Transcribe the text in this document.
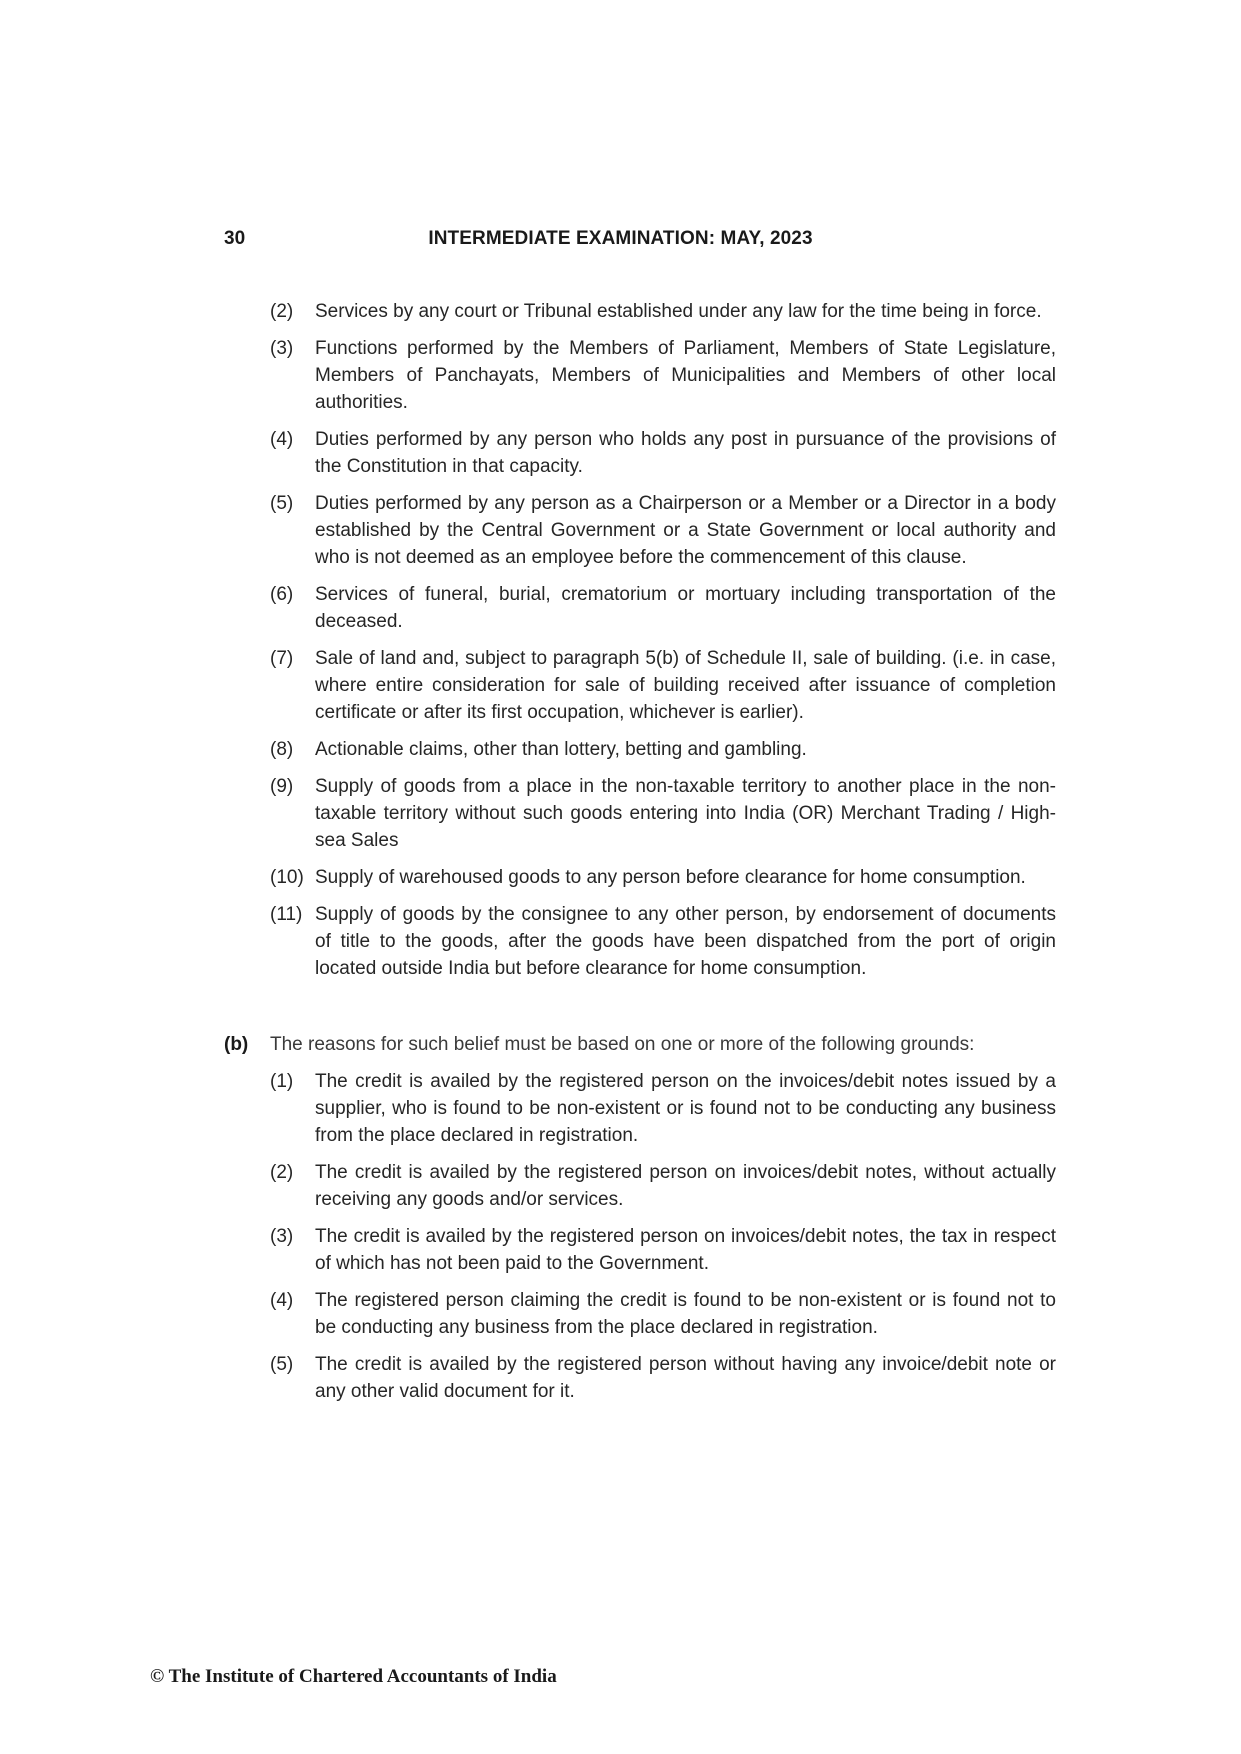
30	INTERMEDIATE EXAMINATION: MAY, 2023
(2)	Services by any court or Tribunal established under any law for the time being in force.
(3)	Functions performed by the Members of Parliament, Members of State Legislature, Members of Panchayats, Members of Municipalities and Members of other local authorities.
(4)	Duties performed by any person who holds any post in pursuance of the provisions of the Constitution in that capacity.
(5)	Duties performed by any person as a Chairperson or a Member or a Director in a body established by the Central Government or a State Government or local authority and who is not deemed as an employee before the commencement of this clause.
(6)	Services of funeral, burial, crematorium or mortuary including transportation of the deceased.
(7)	Sale of land and, subject to paragraph 5(b) of Schedule II, sale of building. (i.e. in case, where entire consideration for sale of building received after issuance of completion certificate or after its first occupation, whichever is earlier).
(8)	Actionable claims, other than lottery, betting and gambling.
(9)	Supply of goods from a place in the non-taxable territory to another place in the non-taxable territory without such goods entering into India (OR) Merchant Trading / High-sea Sales
(10) Supply of warehoused goods to any person before clearance for home consumption.
(11) Supply of goods by the consignee to any other person, by endorsement of documents of title to the goods, after the goods have been dispatched from the port of origin located outside India but before clearance for home consumption.
(b) The reasons for such belief must be based on one or more of the following grounds:
(1)	The credit is availed by the registered person on the invoices/debit notes issued by a supplier, who is found to be non-existent or is found not to be conducting any business from the place declared in registration.
(2)	The credit is availed by the registered person on invoices/debit notes, without actually receiving any goods and/or services.
(3)	The credit is availed by the registered person on invoices/debit notes, the tax in respect of which has not been paid to the Government.
(4)	The registered person claiming the credit is found to be non-existent or is found not to be conducting any business from the place declared in registration.
(5)	The credit is availed by the registered person without having any invoice/debit note or any other valid document for it.
© The Institute of Chartered Accountants of India
